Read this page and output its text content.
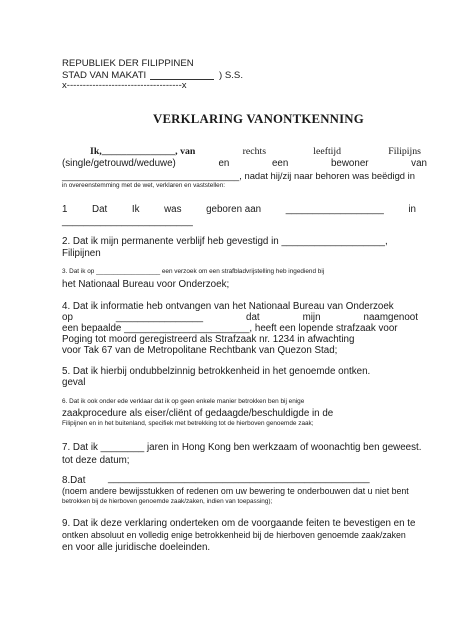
REPUBLIEK DER FILIPPINEN
STAD VAN MAKATI	) S.S.
x------------------------------------x
VERKLARING VANONTKENNING
Ik,_______________, van	rechts	leeftijd	Filipijns
(single/getrouwd/weduwe)	en	een	bewoner	van
__________________________________, nadat hij/zij naar behoren was beëdigd in
in overeenstemming met de wet, verklaren en vaststellen:
1	Dat	Ik	was	geboren aan	__________________	in
________________________
2. Dat ik mijn permanente verblijf heb gevestigd in ___________________,
Filipijnen
3. Dat ik op __________________ een verzoek om een strafbladvrijstelling heb ingediend bij
het Nationaal Bureau voor Onderzoek;
4. Dat ik informatie heb ontvangen van het Nationaal Bureau van Onderzoek
op	________________	dat	mijn	naamgenoot
een bepaalde _______________________, heeft een lopende strafzaak voor
Poging tot moord geregistreerd als Strafzaak nr. 1234 in afwachting
voor Tak 67 van de Metropolitane Rechtbank van Quezon Stad;
5. Dat ik hierbij ondubbelzinnig betrokkenheid in het genoemde ontken.
geval
6. Dat ik ook onder ede verklaar dat ik op geen enkele manier betrokken ben bij enige
zaakprocedure als eiser/cliënt of gedaagde/beschuldigde in de
Filipijnen en in het buitenland, specifiek met betrekking tot de hierboven genoemde zaak;
7. Dat ik ________ jaren in Hong Kong ben werkzaam of woonachtig ben geweest.
tot deze datum;
8.Dat ________________________________________________
(noem andere bewijsstukken of redenen om uw bewering te onderbouwen dat u niet bent
betrokken bij de hierboven genoemde zaak/zaken, indien van toepassing);
9. Dat ik deze verklaring onderteken om de voorgaande feiten te bevestigen en te
ontken absoluut en volledig enige betrokkenheid bij de hierboven genoemde zaak/zaken
en voor alle juridische doeleinden.
